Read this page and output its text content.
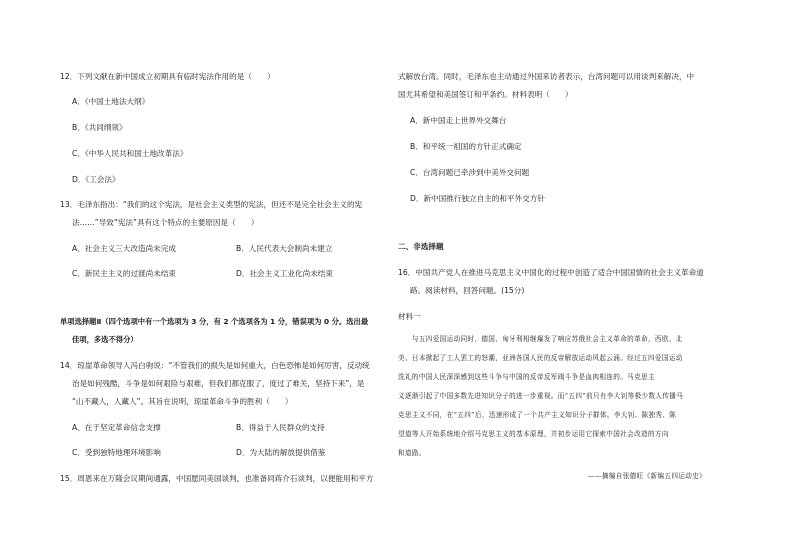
12．下列文献在新中国成立初期具有临时宪法作用的是（　　）
A．《中国土地法大纲》
B．《共同纲领》
C．《中华人民共和国土地改革法》
D．《工会法》
13．毛泽东指出：“我们的这个宪法，是社会主义类型的宪法，但还不是完全社会主义的宪
法……”导致“宪法”具有这个特点的主要原因是（　　）
A．社会主义三大改造尚未完成	B．人民代表大会制尚未建立
C．新民主主义的过渡尚未结束	D．社会主义工业化尚未结束
单项选择题Ⅱ（四个选项中有一个选项为 3 分，有 2 个选项各为 1 分，错误项为 0 分。选出最
佳项，多选不得分）
14．琼崖革命领导人冯白驹说：“不管我们的损失是如何重大，白色恐怖是如何厉害，反动统
治是如何残酷，斗争是如何艰险与艰难，但我们都克服了，度过了难关，坚持下来”，是
“山不藏人，人藏人”。其旨在说明，琼崖革命斗争的胜利（　　）
A．在于坚定革命信念支撑	B．得益于人民群众的支持
C．受到独特地理环境影响	D．为大陆的解放提供借鉴
15．周恩来在万隆会议期间通露，中国愿同美国谈判，也准备同蒋介石谈判，以便能用和平方
式解放台湾。同时，毛泽东也主动通过外国来访者表示，台湾问题可以用谈判来解决，中
国尤其希望和美国签订和平条约。材料表明（　　）
A．新中国走上世界外交舞台
B．和平统一祖国的方针正式确定
C．台湾问题已牵涉到中美外交问题
D．新中国推行独立自主的和平外交方针
二、非选择题
16．中国共产党人在推进马克思主义中国化的过程中创造了适合中国国情的社会主义革命道
路。阅读材料，回答问题。(15分)
材料一
　　与五四爱国运动同时，德国、匈牙利相继爆发了响应苏俄社会主义革命的革命，西欧、北
美、日本掀起了工人罢工的怒潮，亚洲各国人民的反帝解放运动风起云涌。经过五四爱国运动
洗礼的中国人民深深感到这些斗争与中国的反帝反军阀斗争是血肉相连的。马克思主
义逐渐引起了中国多数先进知识分子的进一步重视。而“五四”前只有李大钊等极少数人传播马
克思主义不同，在“五四”后，迅速形成了一个共产主义知识分子群体。李大钊、陈独秀、陈
望道等人开始系统地介绍马克思主义的基本原理，并初步运用它探索中国社会改造的方向
和道路。
——摘编自张德旺《新编五四运动史》
